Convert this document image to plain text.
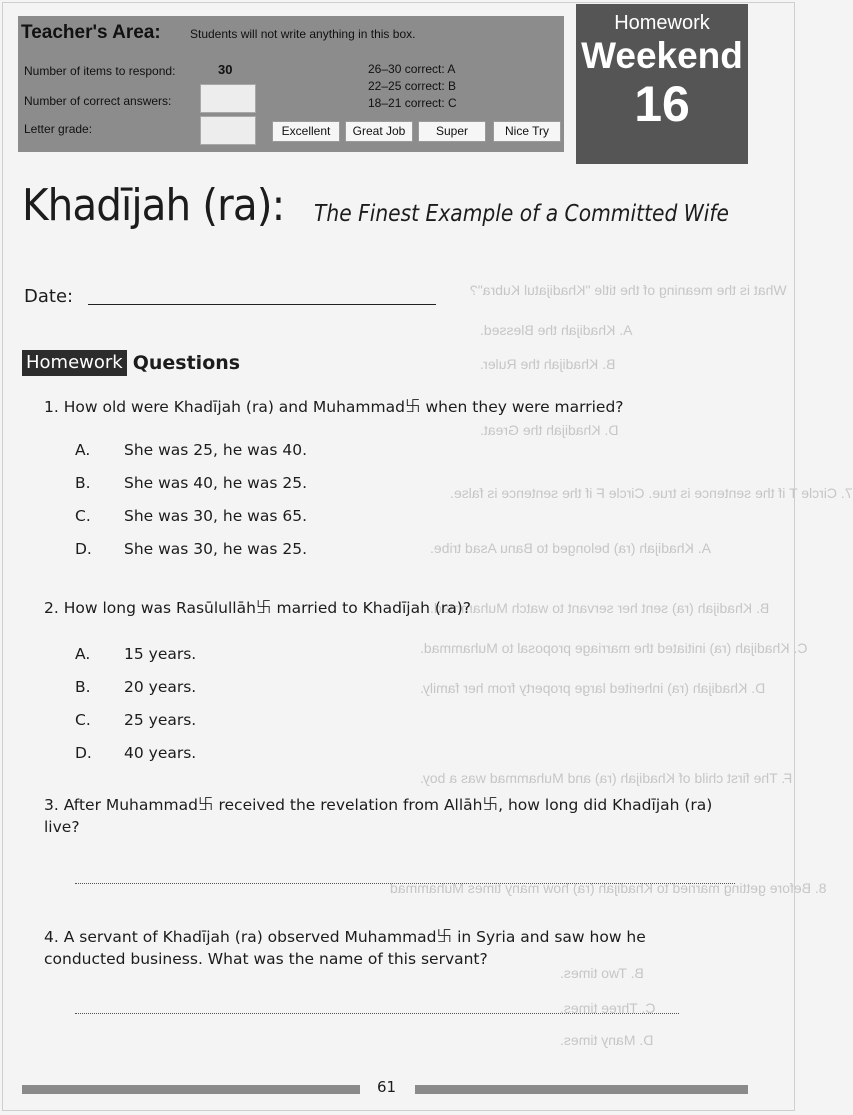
What is the meaning of the title "Khadijatul Kubra"?
A. Khadijah the Blessed.
B. Khadijah the Ruler.
D. Khadijah the Great.
7. Circle T if the sentence is true. Circle F if the sentence is false.
A. Khadijah (ra) belonged to Banu Asad tribe.
B. Khadijah (ra) sent her servant to watch Muhammad.
C. Khadijah (ra) initiated the marriage proposal to Muhammad.
D. Khadijah (ra) inherited large property from her family.
F. The first child of Khadijah (ra) and Muhammad was a boy.
8. Before getting married to Khadijah (ra) how many times Muhammad
B. Two times.
C. Three times.
D. Many times.
Teacher's Area: Students will not write anything in this box.
Number of items to respond:	30
Number of correct answers:
Letter grade:
26–30 correct: A
22–25 correct: B
18–21 correct: C
Excellent	Great Job	Super	Nice Try
Homework
Weekend
16
Khadījah (ra): The Finest Example of a Committed Wife
Date:
Homework Questions
1. How old were Khadījah (ra) and Muhammad࿕ when they were married?
A. She was 25, he was 40.
B. She was 40, he was 25.
C. She was 30, he was 65.
D. She was 30, he was 25.
2. How long was Rasūlullāh࿕ married to Khadījah (ra)?
A. 15 years.
B. 20 years.
C. 25 years.
D. 40 years.
3. After Muhammad࿕ received the revelation from Allāh࿕, how long did Khadījah (ra) live?
4. A servant of Khadījah (ra) observed Muhammad࿕ in Syria and saw how he conducted business. What was the name of this servant?
61
